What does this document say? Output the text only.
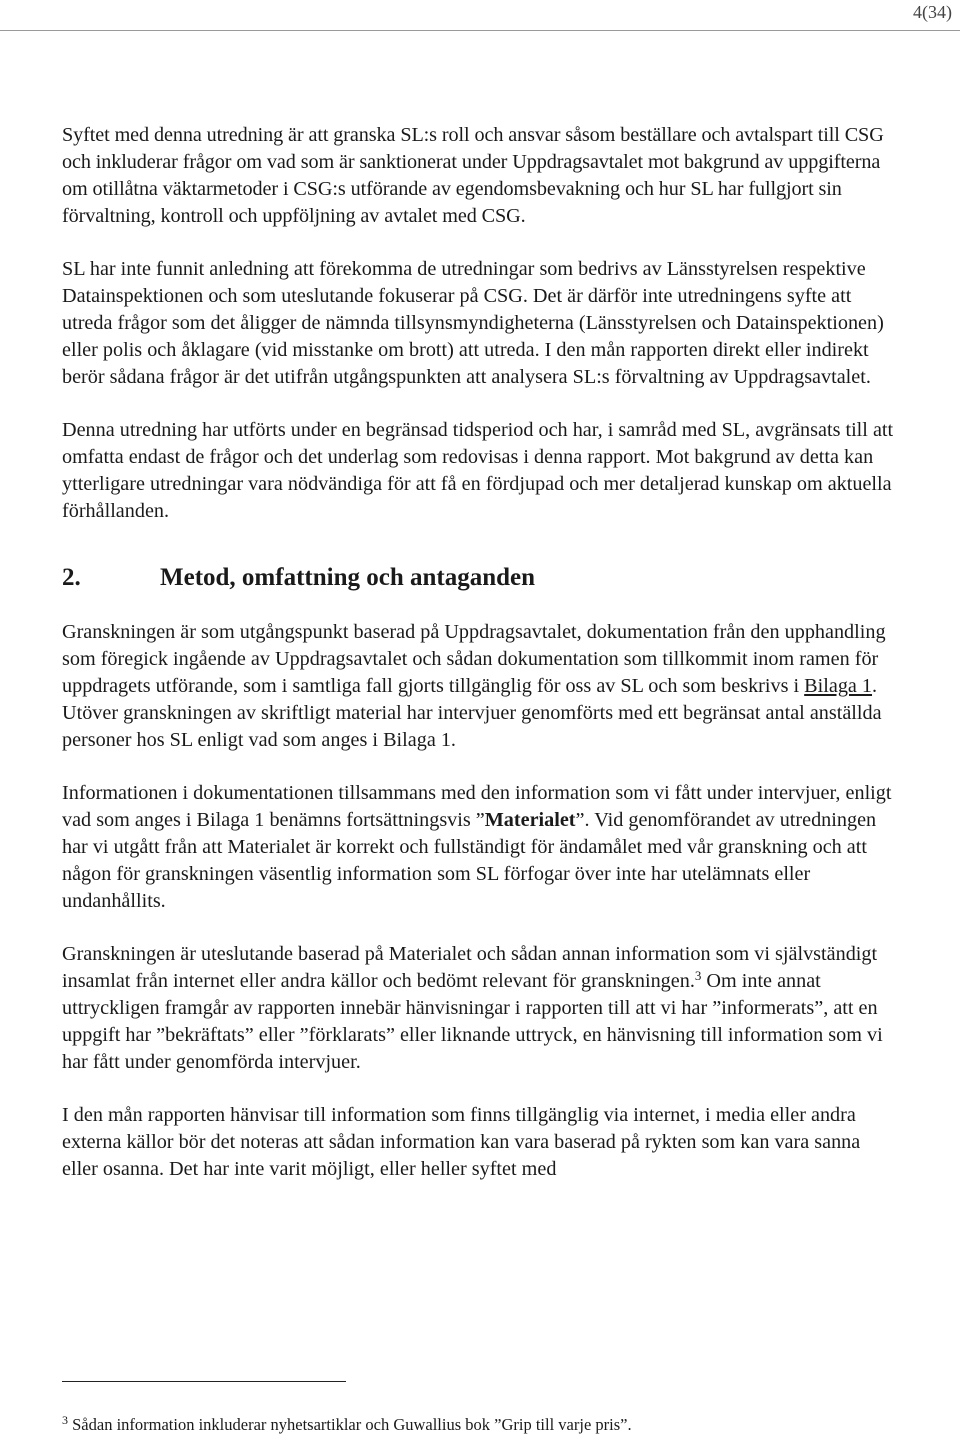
4(34)

Syftet med denna utredning är att granska SL:s roll och ansvar såsom beställare och avtalspart till CSG och inkluderar frågor om vad som är sanktionerat under Uppdragsavtalet mot bakgrund av uppgifterna om otillåtna väktarmetoder i CSG:s utförande av egendomsbevakning och hur SL har fullgjort sin förvaltning, kontroll och uppföljning av avtalet med CSG.

SL har inte funnit anledning att förekomma de utredningar som bedrivs av Länsstyrelsen respektive Datainspektionen och som uteslutande fokuserar på CSG. Det är därför inte utredningens syfte att utreda frågor som det åligger de nämnda tillsynsmyndigheterna (Länsstyrelsen och Datainspektionen) eller polis och åklagare (vid misstanke om brott) att utreda. I den mån rapporten direkt eller indirekt berör sådana frågor är det utifrån utgångspunkten att analysera SL:s förvaltning av Uppdragsavtalet.

Denna utredning har utförts under en begränsad tidsperiod och har, i samråd med SL, avgränsats till att omfatta endast de frågor och det underlag som redovisas i denna rapport. Mot bakgrund av detta kan ytterligare utredningar vara nödvändiga för att få en fördjupad och mer detaljerad kunskap om aktuella förhållanden.

2.	Metod, omfattning och antaganden

Granskningen är som utgångspunkt baserad på Uppdragsavtalet, dokumentation från den upphandling som föregick ingående av Uppdragsavtalet och sådan dokumentation som tillkommit inom ramen för uppdragets utförande, som i samtliga fall gjorts tillgänglig för oss av SL och som beskrivs i Bilaga 1. Utöver granskningen av skriftligt material har intervjuer genomförts med ett begränsat antal anställda personer hos SL enligt vad som anges i Bilaga 1.

Informationen i dokumentationen tillsammans med den information som vi fått under intervjuer, enligt vad som anges i Bilaga 1 benämns fortsättningsvis ”Materialet”. Vid genomförandet av utredningen har vi utgått från att Materialet är korrekt och fullständigt för ändamålet med vår granskning och att någon för granskningen väsentlig information som SL förfogar över inte har utelämnats eller undanhållits.

Granskningen är uteslutande baserad på Materialet och sådan annan information som vi självständigt insamlat från internet eller andra källor och bedömt relevant för granskningen.$^3$ Om inte annat uttryckligen framgår av rapporten innebär hänvisningar i rapporten till att vi har ”informerats”, att en uppgift har ”bekräftats” eller ”förklarats” eller liknande uttryck, en hänvisning till information som vi har fått under genomförda intervjuer.

I den mån rapporten hänvisar till information som finns tillgänglig via internet, i media eller andra externa källor bör det noteras att sådan information kan vara baserad på rykten som kan vara sanna eller osanna. Det har inte varit möjligt, eller heller syftet med

$^3$ Sådan information inkluderar nyhetsartiklar och Guwallius bok ”Grip till varje pris”.
